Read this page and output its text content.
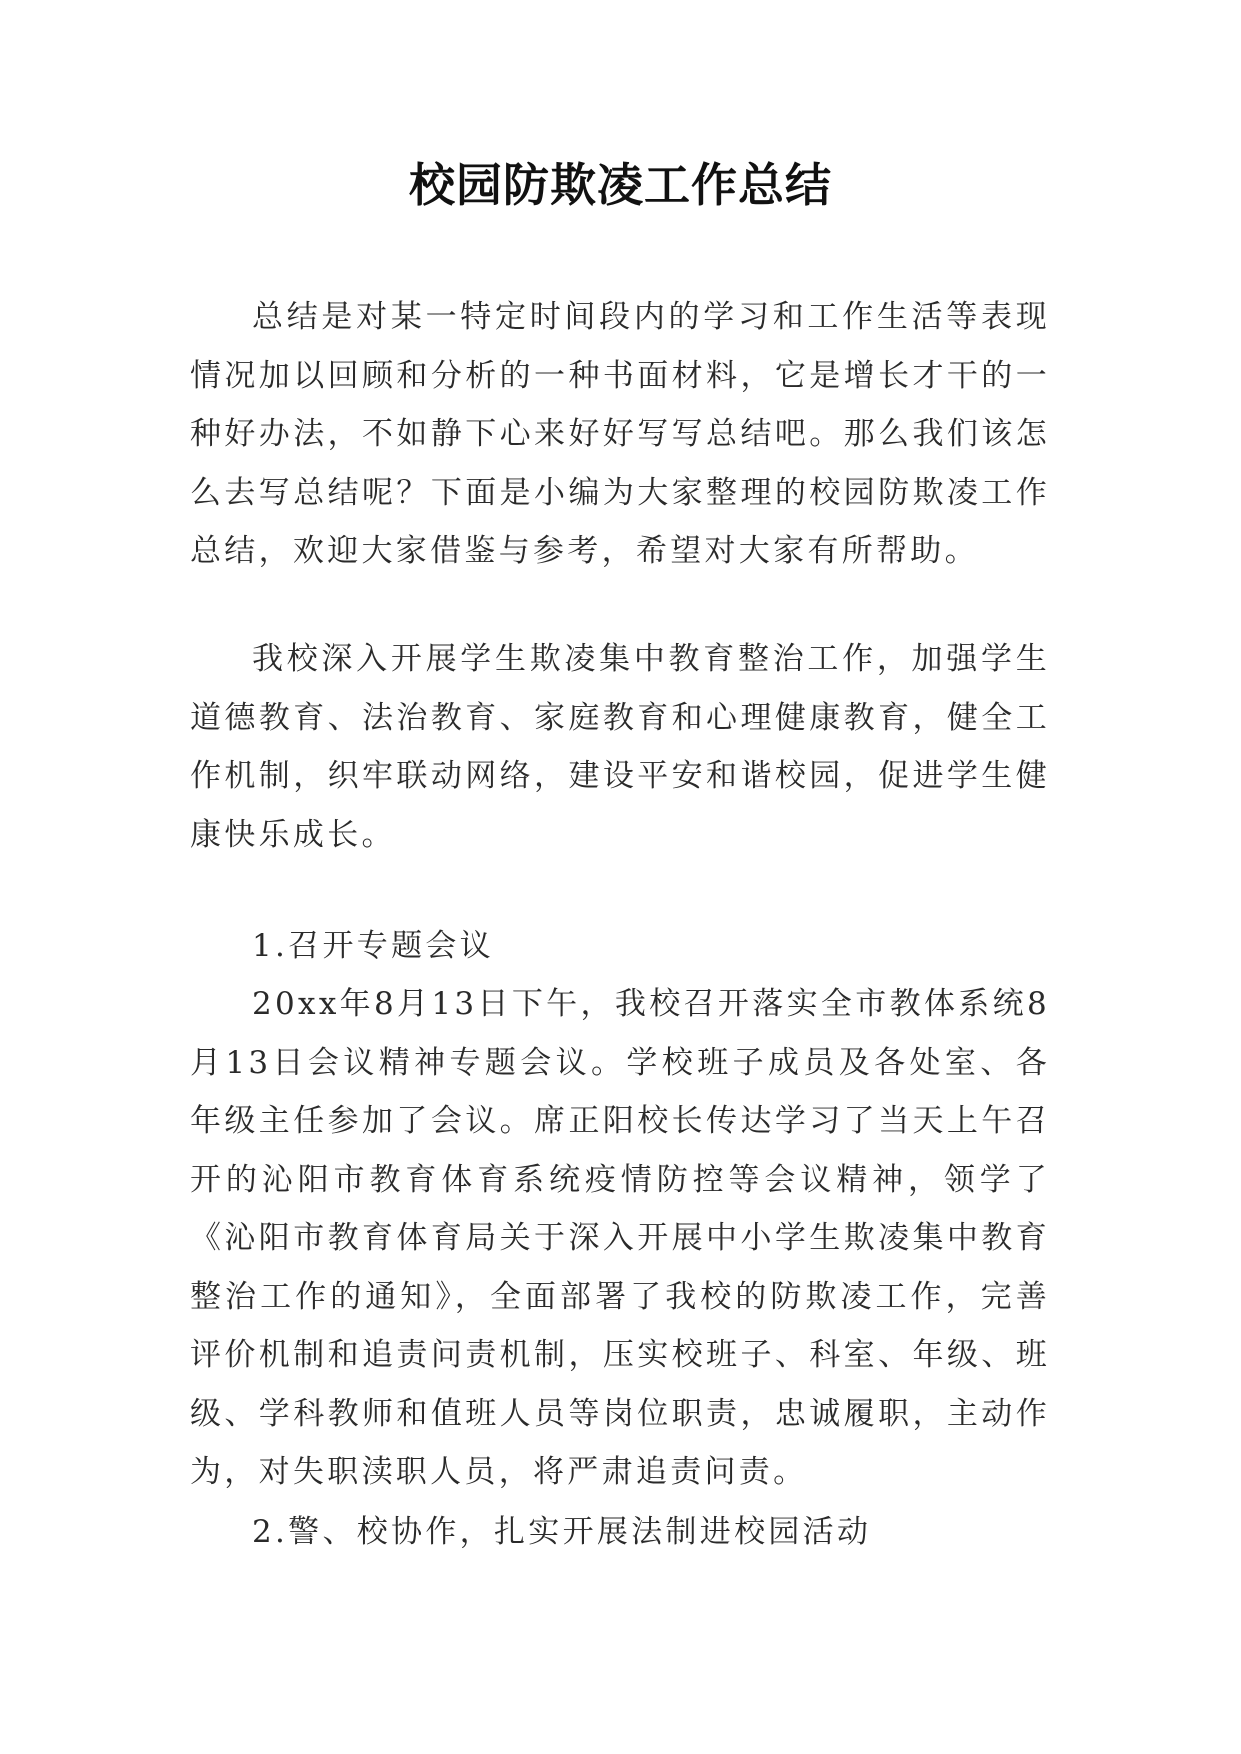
校园防欺凌工作总结

总结是对某一特定时间段内的学习和工作生活等表现情况加以回顾和分析的一种书面材料，它是增长才干的一种好办法，不如静下心来好好写写总结吧。那么我们该怎么去写总结呢？下面是小编为大家整理的校园防欺凌工作总结，欢迎大家借鉴与参考，希望对大家有所帮助。

我校深入开展学生欺凌集中教育整治工作，加强学生道德教育、法治教育、家庭教育和心理健康教育，健全工作机制，织牢联动网络，建设平安和谐校园，促进学生健康快乐成长。

1.召开专题会议

20xx年8月13日下午，我校召开落实全市教体系统8月13日会议精神专题会议。学校班子成员及各处室、各年级主任参加了会议。席正阳校长传达学习了当天上午召开的沁阳市教育体育系统疫情防控等会议精神，领学了《沁阳市教育体育局关于深入开展中小学生欺凌集中教育整治工作的通知》，全面部署了我校的防欺凌工作，完善评价机制和追责问责机制，压实校班子、科室、年级、班级、学科教师和值班人员等岗位职责，忠诚履职，主动作为，对失职渎职人员，将严肃追责问责。

2.警、校协作，扎实开展法制进校园活动
